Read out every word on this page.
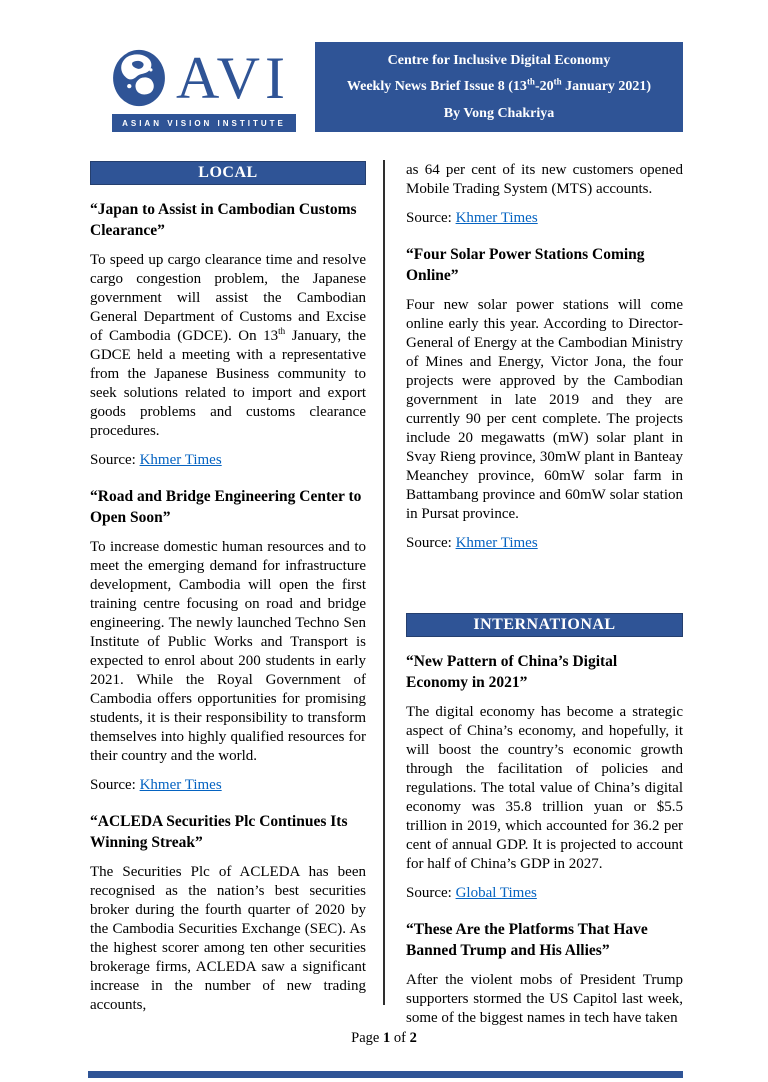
AVI
ASIAN VISION INSTITUTE
Centre for Inclusive Digital Economy
Weekly News Brief Issue 8 (13th-20th January 2021)
By Vong Chakriya
LOCAL
“Japan to Assist in Cambodian Customs Clearance”

To speed up cargo clearance time and resolve cargo congestion problem, the Japanese government will assist the Cambodian General Department of Customs and Excise of Cambodia (GDCE). On 13th January, the GDCE held a meeting with a representative from the Japanese Business community to seek solutions related to import and export goods problems and customs clearance procedures.

Source: Khmer Times

“Road and Bridge Engineering Center to Open Soon”

To increase domestic human resources and to meet the emerging demand for infrastructure development, Cambodia will open the first training centre focusing on road and bridge engineering. The newly launched Techno Sen Institute of Public Works and Transport is expected to enrol about 200 students in early 2021. While the Royal Government of Cambodia offers opportunities for promising students, it is their responsibility to transform themselves into highly qualified resources for their country and the world.

Source: Khmer Times

“ACLEDA Securities Plc Continues Its Winning Streak”

The Securities Plc of ACLEDA has been recognised as the nation’s best securities broker during the fourth quarter of 2020 by the Cambodia Securities Exchange (SEC). As the highest scorer among ten other securities brokerage firms, ACLEDA saw a significant increase in the number of new trading accounts,

as 64 per cent of its new customers opened Mobile Trading System (MTS) accounts.

Source: Khmer Times

“Four Solar Power Stations Coming Online”

Four new solar power stations will come online early this year. According to Director-General of Energy at the Cambodian Ministry of Mines and Energy, Victor Jona, the four projects were approved by the Cambodian government in late 2019 and they are currently 90 per cent complete. The projects include 20 megawatts (mW) solar plant in Svay Rieng province, 30mW plant in Banteay Meanchey province, 60mW solar farm in Battambang province and 60mW solar station in Pursat province.

Source: Khmer Times

INTERNATIONAL
“New Pattern of China’s Digital Economy in 2021”

The digital economy has become a strategic aspect of China’s economy, and hopefully, it will boost the country’s economic growth through the facilitation of policies and regulations. The total value of China’s digital economy was 35.8 trillion yuan or $5.5 trillion in 2019, which accounted for 36.2 per cent of annual GDP. It is projected to account for half of China’s GDP in 2027.

Source: Global Times

“These Are the Platforms That Have Banned Trump and His Allies”

After the violent mobs of President Trump supporters stormed the US Capitol last week, some of the biggest names in tech have taken

Page 1 of 2
